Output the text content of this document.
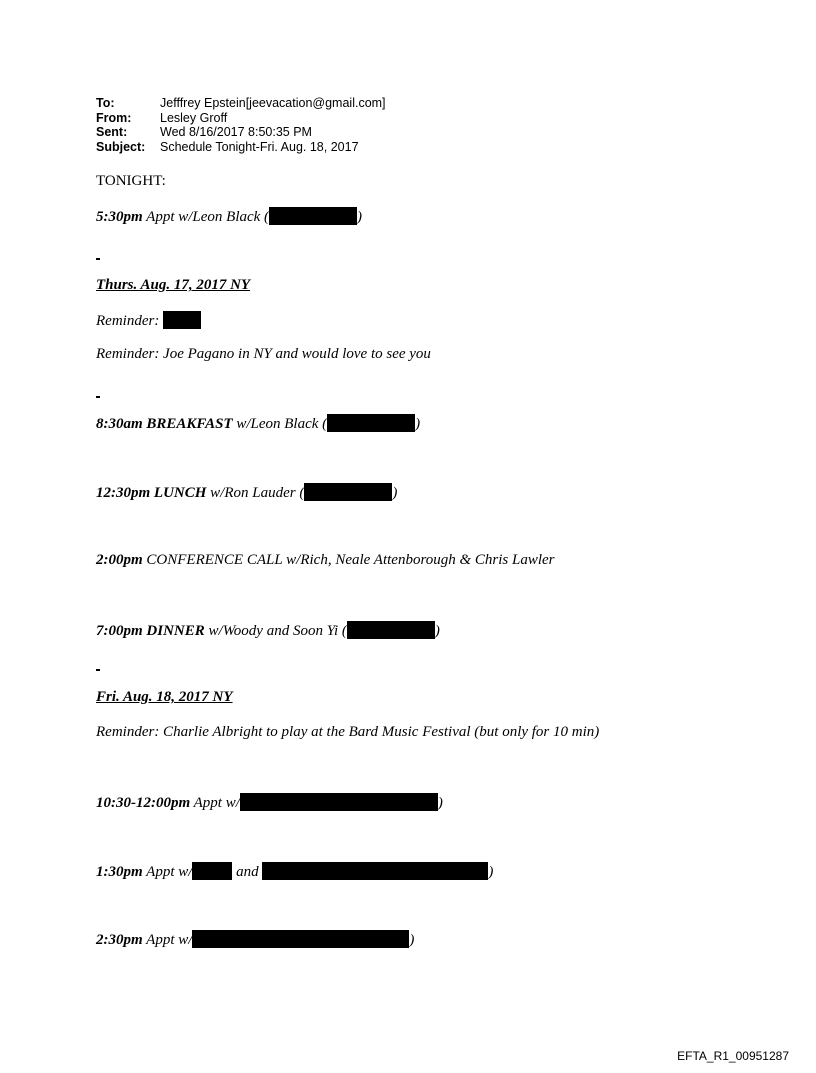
To:	Jefffrey Epstein[jeevacation@gmail.com]
From:	Lesley Groff
Sent:	Wed 8/16/2017 8:50:35 PM
Subject:	Schedule Tonight-Fri. Aug. 18, 2017
TONIGHT:
5:30pm Appt w/Leon Black (	)
Thurs. Aug. 17, 2017 NY
Reminder:
Reminder: Joe Pagano in NY and would love to see you
8:30am BREAKFAST w/Leon Black (	)
12:30pm LUNCH w/Ron Lauder (	)
2:00pm CONFERENCE CALL w/Rich, Neale Attenborough & Chris Lawler
7:00pm DINNER w/Woody and Soon Yi (	)
Fri. Aug. 18, 2017 NY
Reminder: Charlie Albright to play at the Bard Music Festival (but only for 10 min)
10:30-12:00pm Appt w/	)
1:30pm Appt w/	and	)
2:30pm Appt w/	)
EFTA_R1_00951287
